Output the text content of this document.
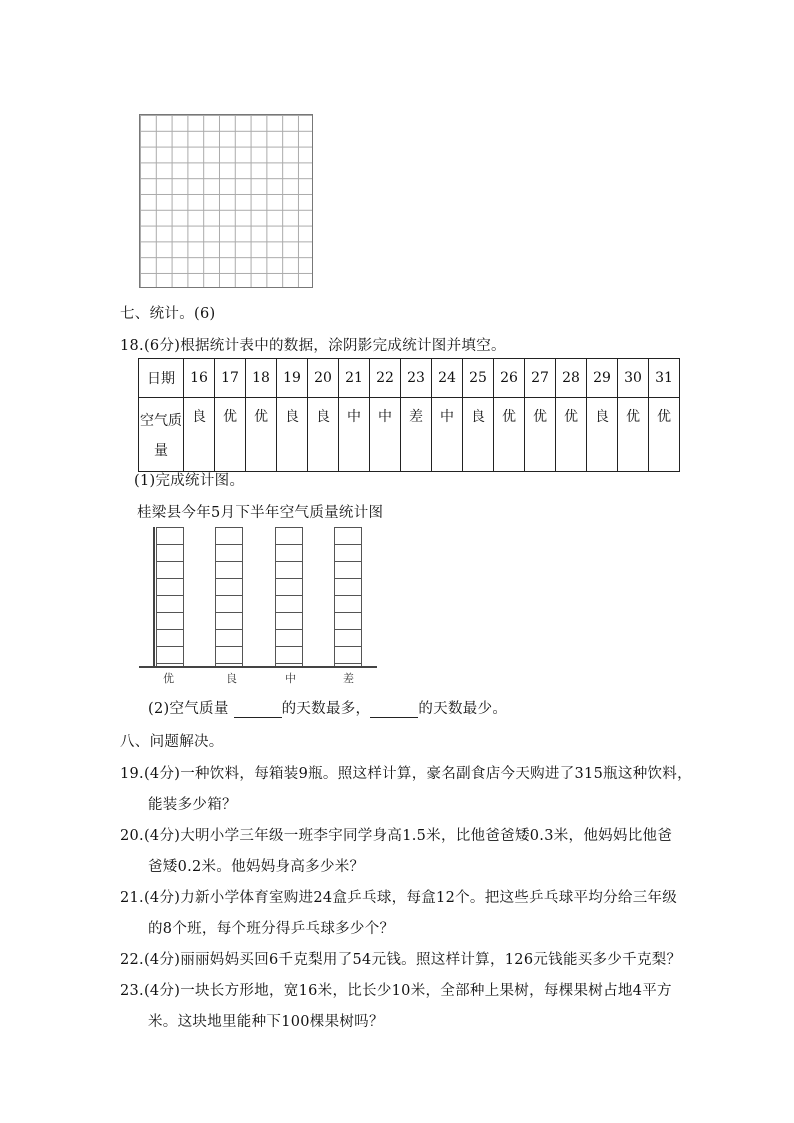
七、统计。(6)
18.(6分)根据统计表中的数据，涂阴影完成统计图并填空。
日期	16	17	18	19	20	21	22	23	24	25	26	27	28	29	30	31
空气质
量	良	优	优	良	良	中	中	差	中	良	优	优	优	良	优	优
(1)完成统计图。
桂梁县今年5月下半年空气质量统计图
优	良	中	差
(2)空气质量	的天数最多，	的天数最少。
八、问题解决。
19.(4分)一种饮料，每箱装9瓶。照这样计算，豪名副食店今天购进了315瓶这种饮料，
能装多少箱？
20.(4分)大明小学三年级一班李宇同学身高1.5米，比他爸爸矮0.3米，他妈妈比他爸
爸矮0.2米。他妈妈身高多少米？
21.(4分)力新小学体育室购进24盒乒乓球，每盒12个。把这些乒乓球平均分给三年级
的8个班，每个班分得乒乓球多少个？
22.(4分)丽丽妈妈买回6千克梨用了54元钱。照这样计算，126元钱能买多少千克梨？
23.(4分)一块长方形地，宽16米，比长少10米，全部种上果树，每棵果树占地4平方
米。这块地里能种下100棵果树吗？
